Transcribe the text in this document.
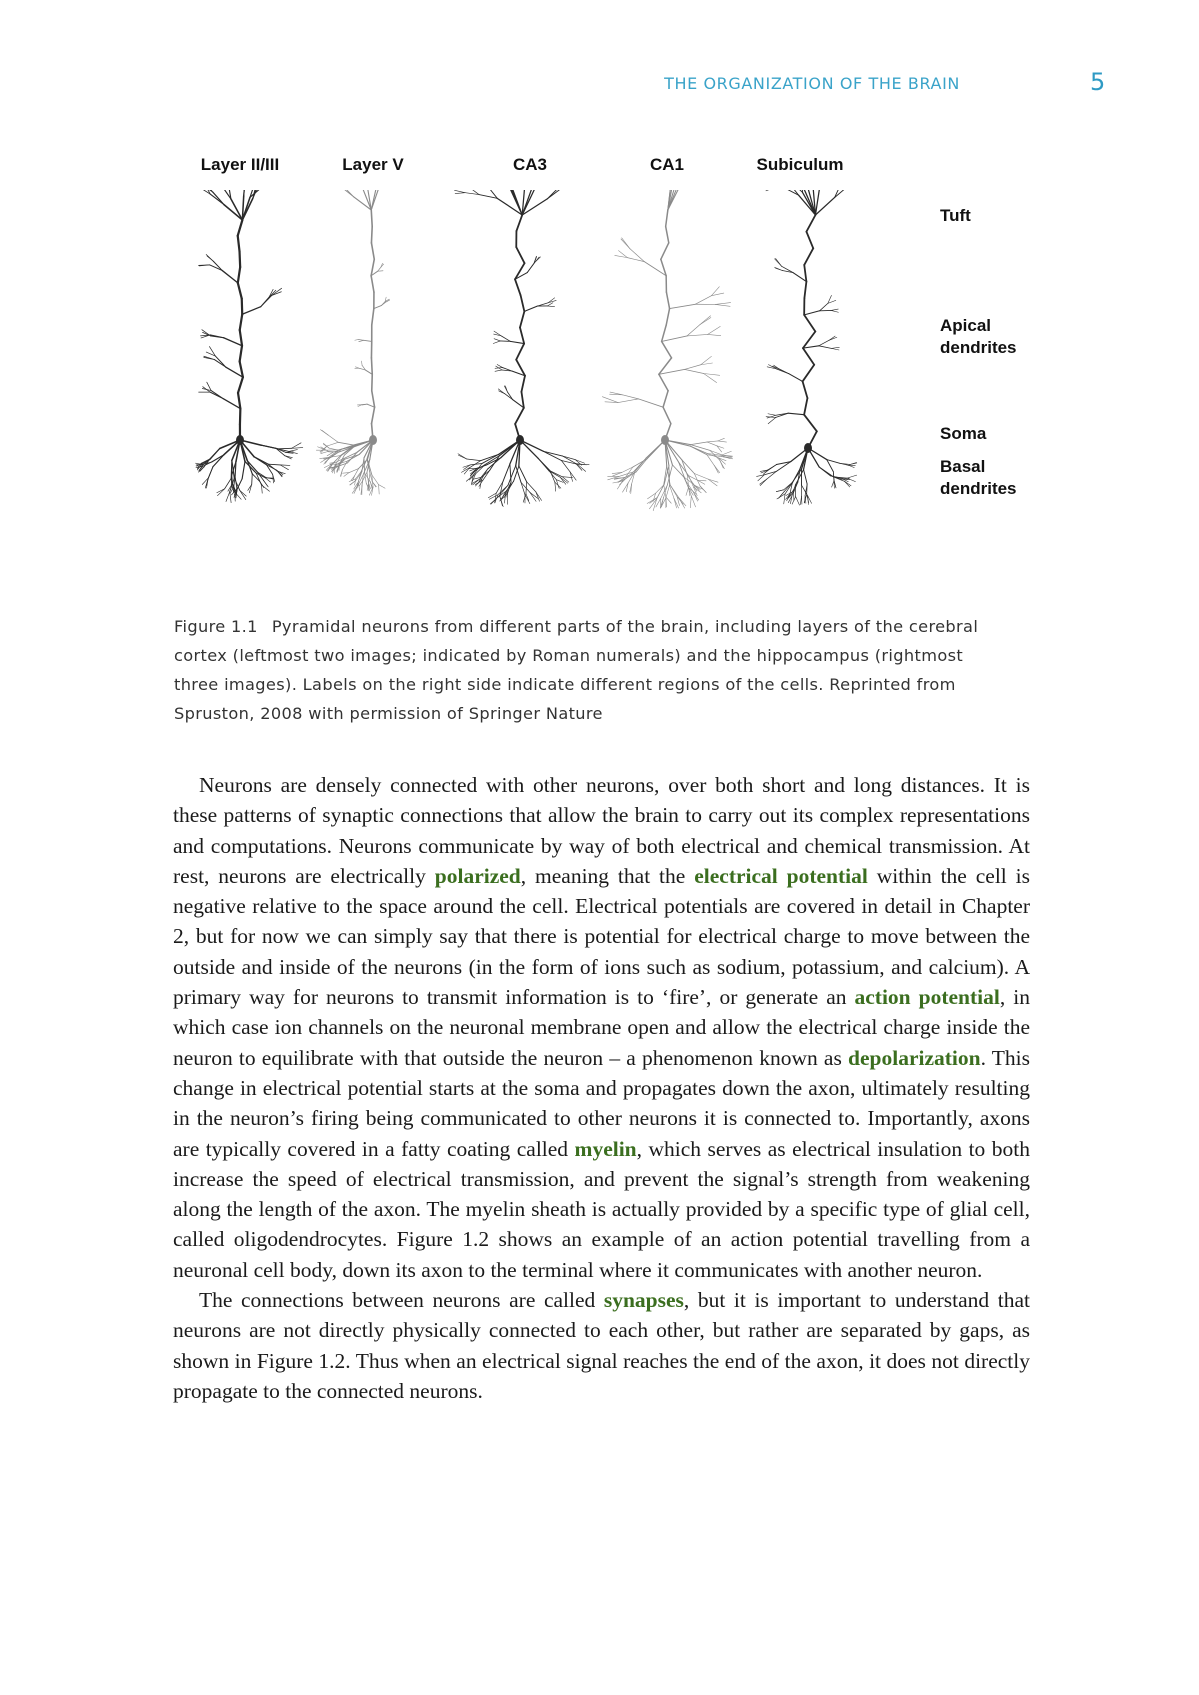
THE ORGANIZATION OF THE BRAIN	5
Layer II/III	Layer V	CA3	CA1	Subiculum
Tuft
Apical
dendrites
Soma
Basal
dendrites
Figure 1.1 Pyramidal neurons from different parts of the brain, including layers of the cerebral cortex (leftmost two images; indicated by Roman numerals) and the hippocampus (rightmost three images). Labels on the right side indicate different regions of the cells. Reprinted from Spruston, 2008 with permission of Springer Nature

Neurons are densely connected with other neurons, over both short and long distances. It is these patterns of synaptic connections that allow the brain to carry out its complex representations and computations. Neurons communicate by way of both electrical and chemical transmission. At rest, neurons are electrically polarized, meaning that the electrical potential within the cell is negative relative to the space around the cell. Electrical potentials are covered in detail in Chapter 2, but for now we can simply say that there is potential for electrical charge to move between the outside and inside of the neurons (in the form of ions such as sodium, potassium, and calcium). A primary way for neurons to transmit information is to ‘fire’, or generate an action potential, in which case ion channels on the neuronal membrane open and allow the electrical charge inside the neuron to equilibrate with that outside the neuron – a phenomenon known as depolarization. This change in electrical potential starts at the soma and propagates down the axon, ultimately resulting in the neuron’s firing being communicated to other neurons it is connected to. Importantly, axons are typically covered in a fatty coating called myelin, which serves as electrical insulation to both increase the speed of electrical transmission, and prevent the signal’s strength from weakening along the length of the axon. The myelin sheath is actually provided by a specific type of glial cell, called oligodendrocytes. Figure 1.2 shows an example of an action potential travelling from a neuronal cell body, down its axon to the terminal where it communicates with another neuron.

The connections between neurons are called synapses, but it is important to understand that neurons are not directly physically connected to each other, but rather are separated by gaps, as shown in Figure 1.2. Thus when an electrical signal reaches the end of the axon, it does not directly propagate to the connected neurons.
